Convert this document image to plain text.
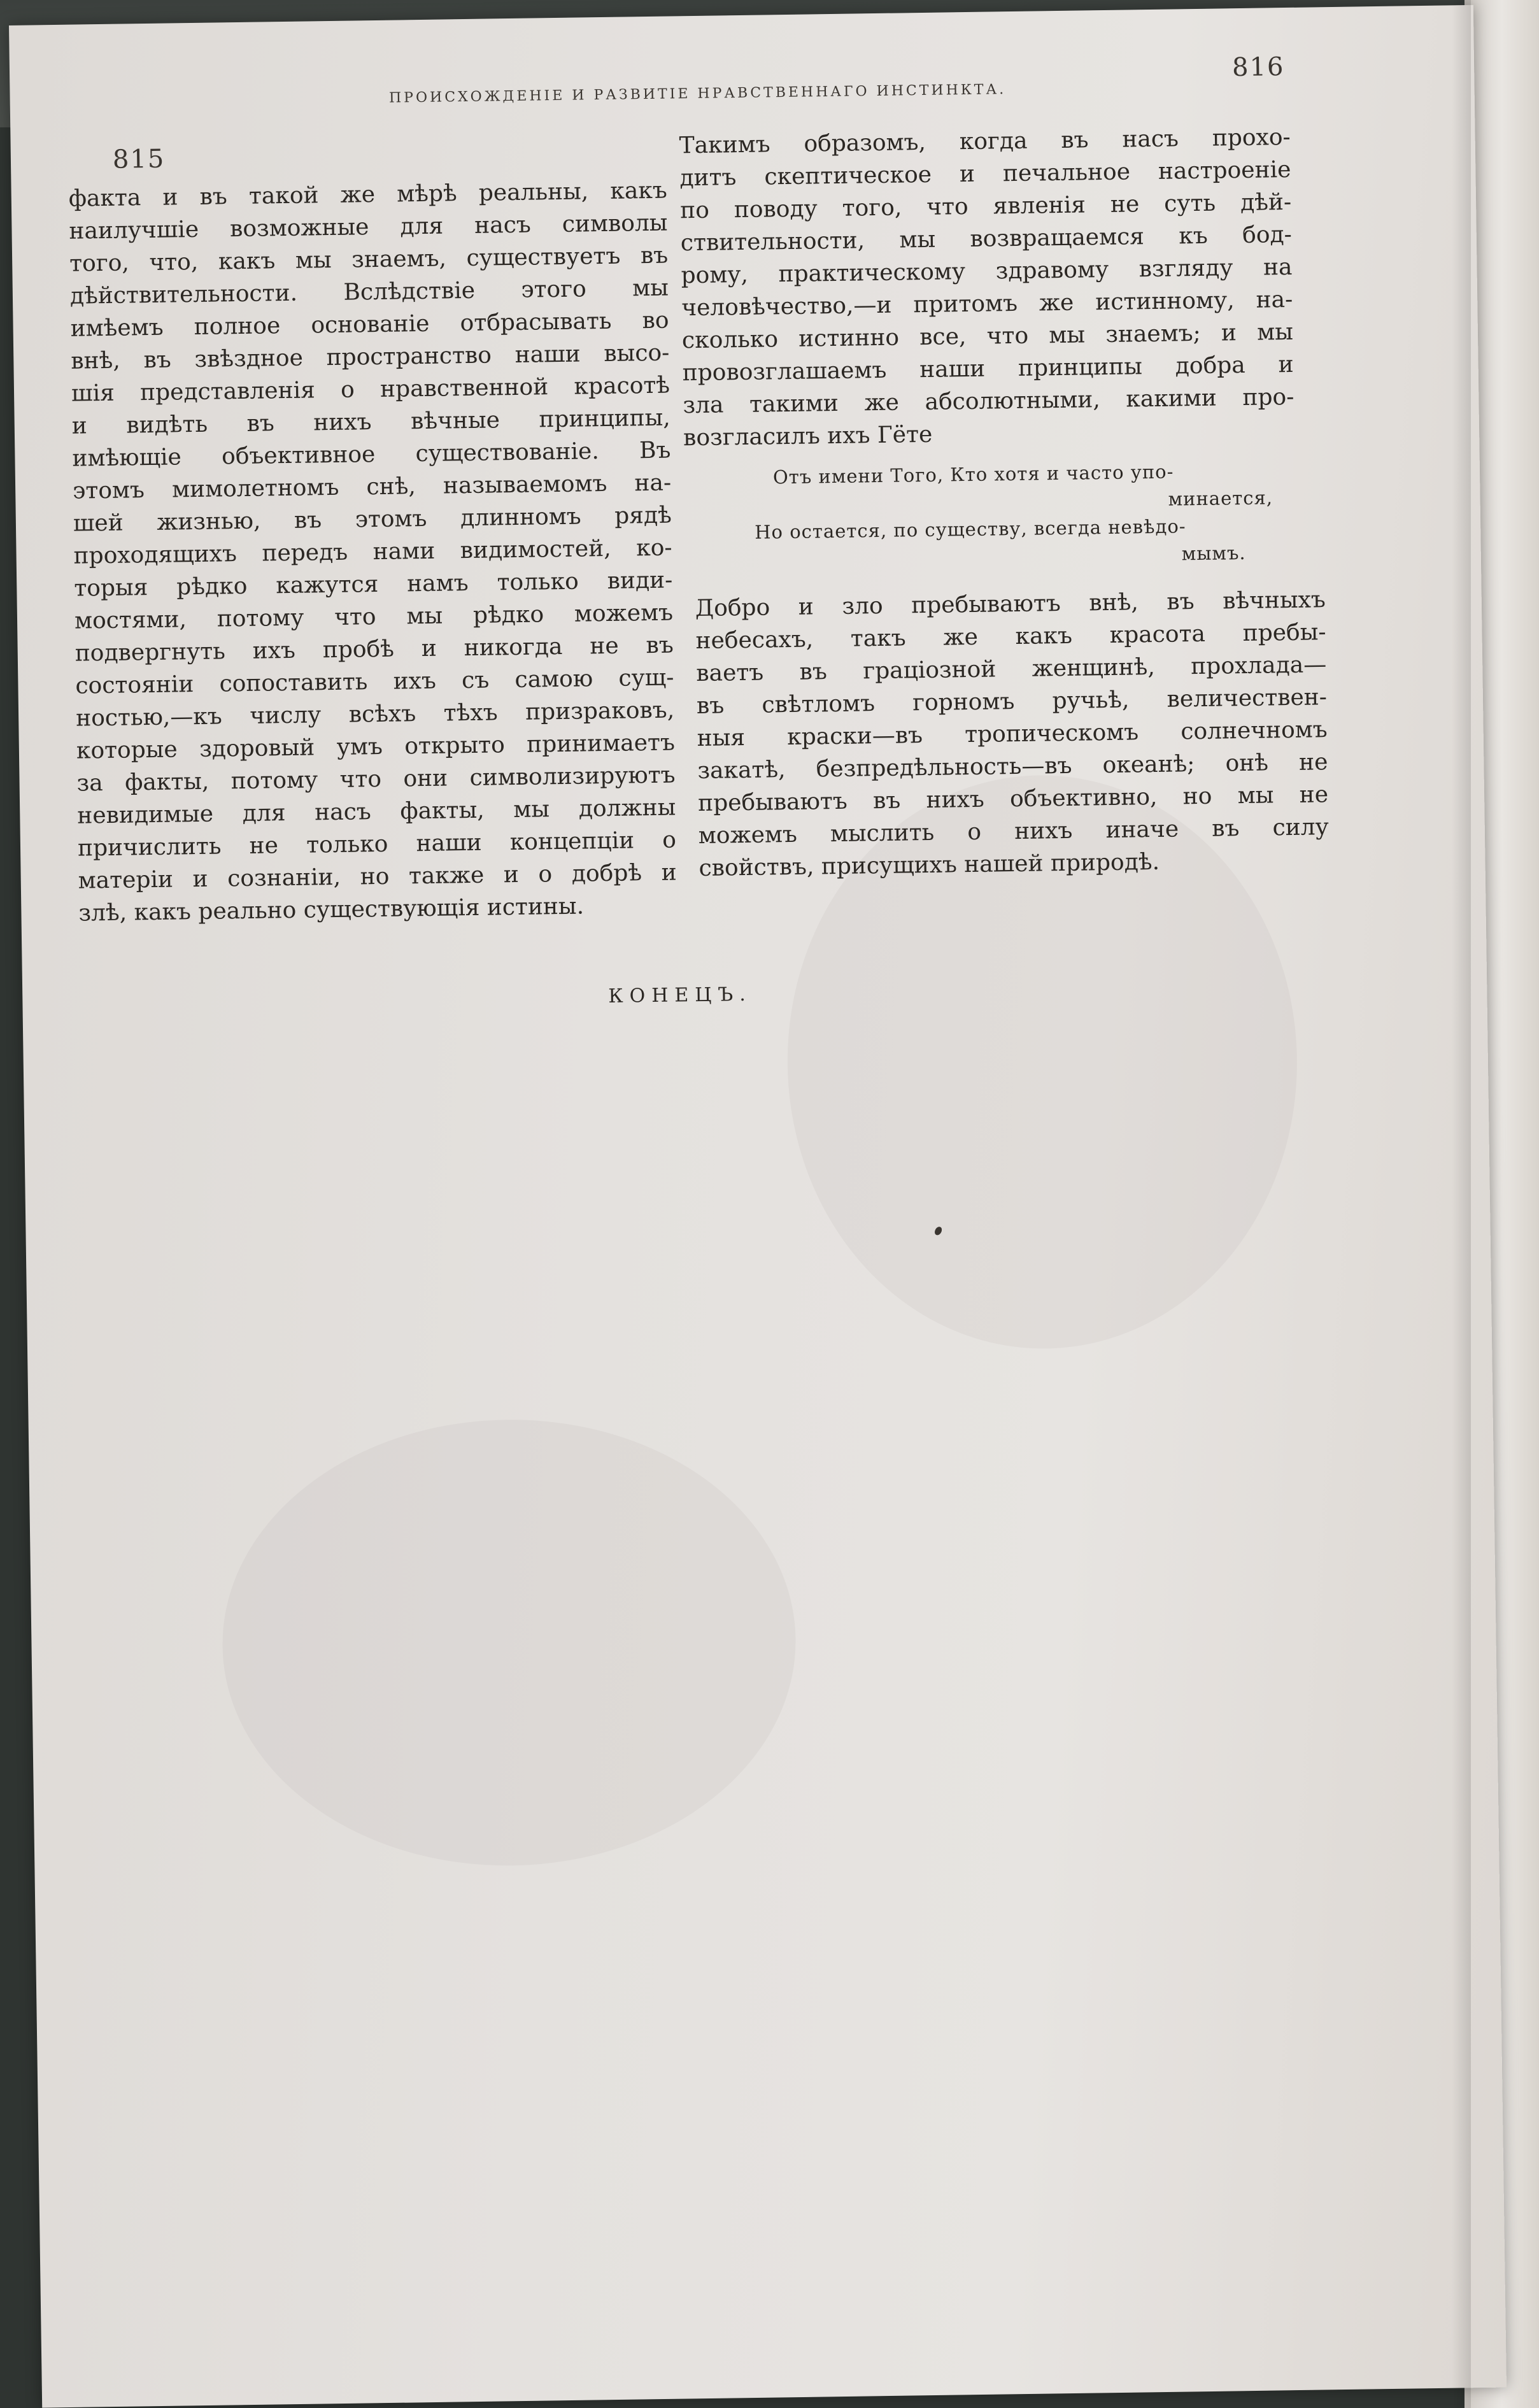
815
ПРОИСХОЖДЕНІЕ И РАЗВИТІЕ НРАВСТВЕННАГО ИНСТИНКТА.
816
факта и въ такой же мѣрѣ реальны, какъ
наилучшіе возможные для насъ символы
того, что, какъ мы знаемъ, существуетъ въ
дѣйствительности. Вслѣдствіе этого мы
имѣемъ полное основаніе отбрасывать во
внѣ, въ звѣздное пространство наши высо-
шія представленія о нравственной красотѣ
и видѣть въ нихъ вѣчные принципы,
имѣющіе объективное существованіе. Въ
этомъ мимолетномъ снѣ, называемомъ на-
шей жизнью, въ этомъ длинномъ рядѣ
проходящихъ передъ нами видимостей, ко-
торыя рѣдко кажутся намъ только види-
мостями, потому что мы рѣдко можемъ
подвергнуть ихъ пробѣ и никогда не въ
состояніи сопоставить ихъ съ самою сущ-
ностью,—къ числу всѣхъ тѣхъ призраковъ,
которые здоровый умъ открыто принимаетъ
за факты, потому что они символизируютъ
невидимые для насъ факты, мы должны
причислить не только наши концепціи о
матеріи и сознаніи, но также и о добрѣ и
злѣ, какъ реально существующія истины.
Такимъ образомъ, когда въ насъ прохо-
дитъ скептическое и печальное настроеніе
по поводу того, что явленія не суть дѣй-
ствительности, мы возвращаемся къ бод-
рому, практическому здравому взгляду на
человѣчество,—и притомъ же истинному, на-
сколько истинно все, что мы знаемъ; и мы
провозглашаемъ наши принципы добра и
зла такими же абсолютными, какими про-
возгласилъ ихъ Гёте
Отъ имени Того, Кто хотя и часто упо-
минается,
Но остается, по существу, всегда невѣдо-
мымъ.
Добро и зло пребываютъ внѣ, въ вѣчныхъ
небесахъ, такъ же какъ красота пребы-
ваетъ въ граціозной женщинѣ, прохлада—
въ свѣтломъ горномъ ручьѣ, величествен-
ныя краски—въ тропическомъ солнечномъ
закатѣ, безпредѣльность—въ океанѣ; онѣ не
пребываютъ въ нихъ объективно, но мы не
можемъ мыслить о нихъ иначе въ силу
свойствъ, присущихъ нашей природѣ.
КОНЕЦЪ.
